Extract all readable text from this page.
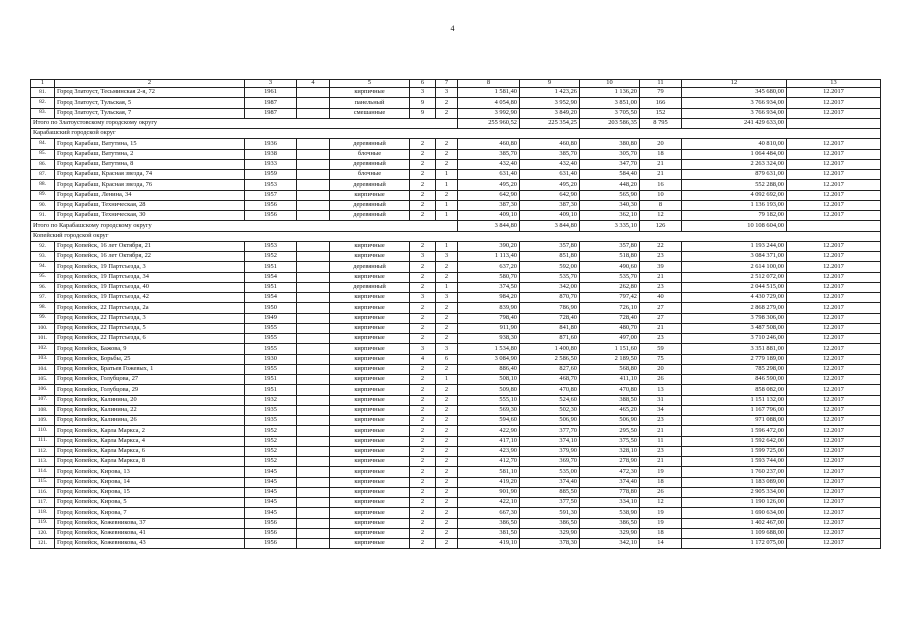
4
1	2	3	4	5	6	7	8	9	10	11	12	13
81.	Город Златоуст, Тесьминская 2-я, 72	1961		кирпичные	3	3	1 581,40	1 423,26	1 136,20	79	345 680,00	12.2017
82.	Город Златоуст, Тульская, 5	1987		панельный	9	2	4 054,80	3 952,90	3 851,00	166	3 766 934,00	12.2017
83.	Город Златоуст, Тульская, 7	1987		смешанные	9	2	3 992,90	3 849,20	3 705,50	152	3 766 934,00	12.2017
Итого по Златоустовскому городскому округу							255 960,52	225 354,25	203 586,35	8 795	241 429 633,00	
Карабашский городской округ												
84.	Город Карабаш, Ватутина, 15	1936		деревянный	2	2	460,80	460,80	380,80	20	40 810,00	12.2017
85.	Город Карабаш, Ватутина, 2	1938		блочные	2	2	385,70	385,70	305,70	18	1 064 484,00	12.2017
86.	Город Карабаш, Ватутина, 8	1933		деревянный	2	2	432,40	432,40	347,70	21	2 263 324,00	12.2017
87.	Город Карабаш, Красная звезда, 74	1959		блочные	2	1	631,40	631,40	584,40	21	879 631,00	12.2017
88.	Город Карабаш, Красная звезда, 76	1953		деревянный	2	1	495,20	495,20	448,20	16	552 288,00	12.2017
89.	Город Карабаш, Ленина, 34	1957		кирпичные	2	2	642,90	642,90	565,90	10	4 092 692,00	12.2017
90.	Город Карабаш, Техническая, 28	1956		деревянный	2	1	387,30	387,30	340,30	8	1 136 193,00	12.2017
91.	Город Карабаш, Техническая, 30	1956		деревянный	2	1	409,10	409,10	362,10	12	79 182,00	12.2017
Итого по Карабашскому городскому округу							3 844,80	3 844,80	3 335,10	126	10 108 604,00	
Копейский городской округ												
92.	Город Копейск, 16 лет Октября, 21	1953		кирпичные	2	1	390,20	357,80	357,80	22	1 193 244,00	12.2017
93.	Город Копейск, 16 лет Октября, 22	1952		кирпичные	3	3	1 113,40	851,80	518,80	23	3 084 371,00	12.2017
94.	Город Копейск, 19 Партсъезда, 3	1951		деревянный	2	2	637,20	592,00	490,60	39	2 614 100,00	12.2017
95.	Город Копейск, 19 Партсъезда, 34	1954		кирпичные	2	2	580,70	535,70	535,70	21	2 512 072,00	12.2017
96.	Город Копейск, 19 Партсъезда, 40	1951		деревянный	2	1	374,50	342,00	262,80	23	2 044 515,00	12.2017
97.	Город Копейск, 19 Партсъезда, 42	1954		кирпичные	3	3	984,20	870,70	797,42	40	4 430 729,00	12.2017
98.	Город Копейск, 22 Партсъезда, 2а	1950		кирпичные	2	2	839,90	786,90	726,10	27	2 868 279,00	12.2017
99.	Город Копейск, 22 Партсъезда, 3	1949		кирпичные	2	2	798,40	728,40	728,40	27	3 798 306,00	12.2017
100.	Город Копейск, 22 Партсъезда, 5	1955		кирпичные	2	2	911,90	841,80	480,70	21	3 487 508,00	12.2017
101.	Город Копейск, 22 Партсъезда, 6	1955		кирпичные	2	2	938,30	871,60	497,00	23	3 710 246,00	12.2017
102.	Город Копейск, Бажова, 9	1955		кирпичные	3	3	1 534,80	1 400,80	1 151,60	59	3 351 881,00	12.2017
103.	Город Копейск, Борьбы, 25	1930		кирпичные	4	6	3 084,90	2 586,50	2 189,50	75	2 779 189,00	12.2017
104.	Город Копейск, Братьев Гожевых, 1	1955		кирпичные	2	2	886,40	827,60	568,80	20	785 298,00	12.2017
105.	Город Копейск, Голубцова, 27	1951		кирпичные	2	1	508,10	468,70	411,10	26	846 590,00	12.2017
106.	Город Копейск, Голубцова, 29	1951		кирпичные	2	2	509,80	470,80	470,80	13	858 082,00	12.2017
107.	Город Копейск, Калинина, 20	1932		кирпичные	2	2	555,10	524,60	388,50	31	1 151 132,00	12.2017
108.	Город Копейск, Калинина, 22	1935		кирпичные	2	2	569,30	502,30	465,20	34	1 167 796,00	12.2017
109.	Город Копейск, Калинина, 26	1935		кирпичные	2	2	594,60	506,90	506,90	23	971 088,00	12.2017
110.	Город Копейск, Карла Маркса, 2	1952		кирпичные	2	2	422,90	377,70	295,50	21	1 596 472,00	12.2017
111.	Город Копейск, Карла Маркса, 4	1952		кирпичные	2	2	417,10	374,10	375,50	11	1 592 642,00	12.2017
112.	Город Копейск, Карла Маркса, 6	1952		кирпичные	2	2	423,90	379,90	328,10	23	1 599 725,00	12.2017
113.	Город Копейск, Карла Маркса, 8	1952		кирпичные	2	2	412,70	369,70	278,90	21	1 593 744,00	12.2017
114.	Город Копейск, Кирова, 13	1945		кирпичные	2	2	581,10	535,00	472,30	19	1 760 237,00	12.2017
115.	Город Копейск, Кирова, 14	1945		кирпичные	2	2	419,20	374,40	374,40	18	1 183 089,00	12.2017
116.	Город Копейск, Кирова, 15	1945		кирпичные	2	2	901,90	885,50	778,80	26	2 905 334,00	12.2017
117.	Город Копейск, Кирова, 5	1945		кирпичные	2	2	422,10	377,50	334,10	12	1 190 126,00	12.2017
118.	Город Копейск, Кирова, 7	1945		кирпичные	2	2	667,30	591,30	538,90	19	1 690 634,00	12.2017
119.	Город Копейск, Кожевникова, 37	1956		кирпичные	2	2	386,50	386,50	386,50	19	1 402 467,00	12.2017
120.	Город Копейск, Кожевникова, 41	1956		кирпичные	2	2	381,50	329,90	329,90	18	1 109 688,00	12.2017
121.	Город Копейск, Кожевникова, 43	1956		кирпичные	2	2	419,10	378,30	342,10	14	1 172 075,00	12.2017
